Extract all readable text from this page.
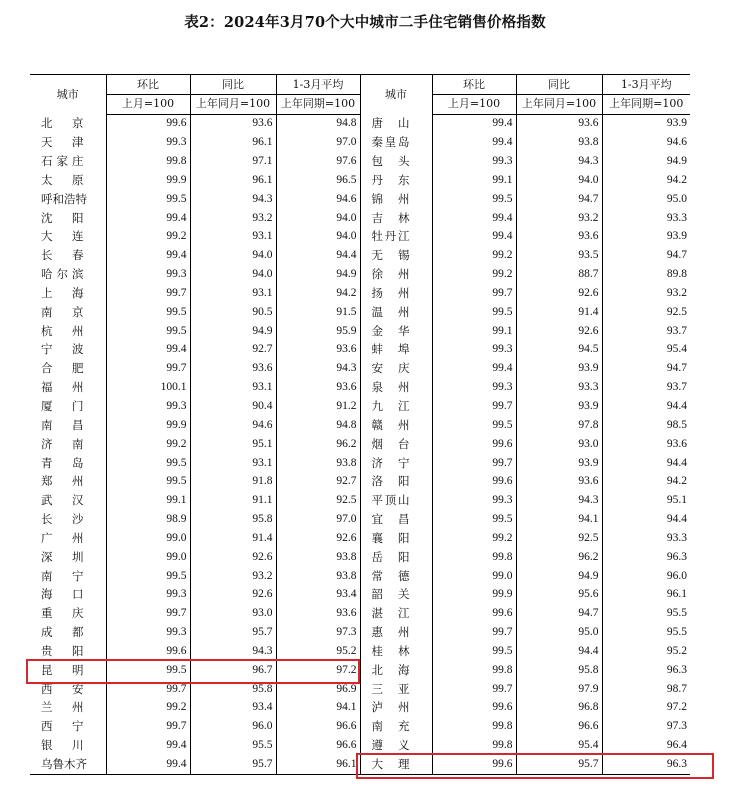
表2：2024年3月70个大中城市二手住宅销售价格指数
城市	环比	同比	1-3月平均	城市	环比	同比	1-3月平均
	上月=100	上年同月=100	上年同期=100		上月=100	上年同月=100	上年同期=100
北京	99.6	93.6	94.8	唐山	99.4	93.6	93.9
天津	99.3	96.1	97.0	秦皇岛	99.4	93.8	94.6
石家庄	99.8	97.1	97.6	包头	99.3	94.3	94.9
太原	99.9	96.1	96.5	丹东	99.1	94.0	94.2
呼和浩特	99.5	94.3	94.6	锦州	99.5	94.7	95.0
沈阳	99.4	93.2	94.0	吉林	99.4	93.2	93.3
大连	99.2	93.1	94.0	牡丹江	99.4	93.6	93.9
长春	99.4	94.0	94.4	无锡	99.2	93.5	94.7
哈尔滨	99.3	94.0	94.9	徐州	99.2	88.7	89.8
上海	99.7	93.1	94.2	扬州	99.7	92.6	93.2
南京	99.5	90.5	91.5	温州	99.5	91.4	92.5
杭州	99.5	94.9	95.9	金华	99.1	92.6	93.7
宁波	99.4	92.7	93.6	蚌埠	99.3	94.5	95.4
合肥	99.7	93.6	94.3	安庆	99.4	93.9	94.7
福州	100.1	93.1	93.6	泉州	99.3	93.3	93.7
厦门	99.3	90.4	91.2	九江	99.7	93.9	94.4
南昌	99.9	94.6	94.8	赣州	99.5	97.8	98.5
济南	99.2	95.1	96.2	烟台	99.6	93.0	93.6
青岛	99.5	93.1	93.8	济宁	99.7	93.9	94.4
郑州	99.5	91.8	92.7	洛阳	99.6	93.6	94.2
武汉	99.1	91.1	92.5	平顶山	99.3	94.3	95.1
长沙	98.9	95.8	97.0	宜昌	99.5	94.1	94.4
广州	99.0	91.4	92.6	襄阳	99.2	92.5	93.3
深圳	99.0	92.6	93.8	岳阳	99.8	96.2	96.3
南宁	99.5	93.2	93.8	常德	99.0	94.9	96.0
海口	99.3	92.6	93.4	韶关	99.9	95.6	96.1
重庆	99.7	93.0	93.6	湛江	99.6	94.7	95.5
成都	99.3	95.7	97.3	惠州	99.7	95.0	95.5
贵阳	99.6	94.3	95.2	桂林	99.5	94.4	95.2
昆明	99.5	96.7	97.2	北海	99.8	95.8	96.3
西安	99.7	95.8	96.9	三亚	99.7	97.9	98.7
兰州	99.2	93.4	94.1	泸州	99.6	96.8	97.2
西宁	99.7	96.0	96.6	南充	99.8	96.6	97.3
银川	99.4	95.5	96.6	遵义	99.8	95.4	96.4
乌鲁木齐	99.4	95.7	96.1	大理	99.6	95.7	96.3
